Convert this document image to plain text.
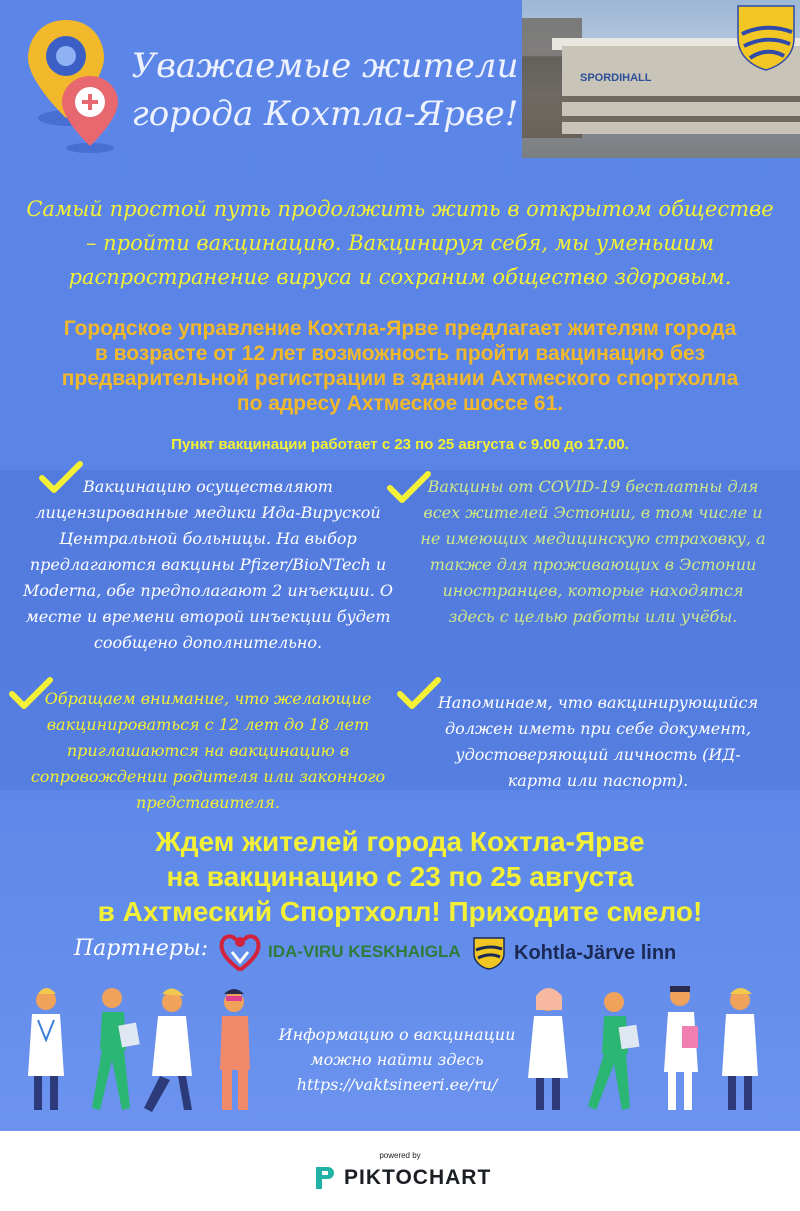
Уважаемые жители
города Кохтла-Ярве!
SPORDIHALL
Самый простой путь продолжить жить в открытом обществе – пройти вакцинацию. Вакцинируя себя, мы уменьшим распространение вируса и сохраним общество здоровым.
Городское управление Кохтла-Ярве предлагает жителям города в возрасте от 12 лет возможность пройти вакцинацию без предварительной регистрации в здании Ахтмеского спортхолла по адресу Ахтмеское шоссе 61.
Пункт вакцинации работает с 23 по 25 августа с 9.00 до 17.00.
Вакцинацию осуществляют лицензированные медики Ида-Вируской Центральной больницы. На выбор предлагаются вакцины Pfizer/BioNTech и Moderna, обе предполагают 2 инъекции. О месте и времени второй инъекции будет сообщено дополнительно.
Вакцины от COVID-19 бесплатны для всех жителей Эстонии, в том числе и не имеющих медицинскую страховку, а также для проживающих в Эстонии иностранцев, которые находятся здесь с целью работы или учёбы.
Обращаем внимание, что желающие вакцинироваться с 12 лет до 18 лет приглашаются на вакцинацию в сопровождении родителя или законного представителя.
Напоминаем, что вакцинирующийся должен иметь при себе документ, удостоверяющий личность (ИД-карта или паспорт).
Ждем жителей города Кохтла-Ярве
на вакцинацию с 23 по 25 августа
в Ахтмеский Спортхолл! Приходите смело!
Партнеры:	IDA-VIRU KESKHAIGLA	Kohtla-Järve linn
Информацию о вакцинации
можно найти здесь
https://vaktsineeri.ee/ru/
powered by
PIKTOCHART
